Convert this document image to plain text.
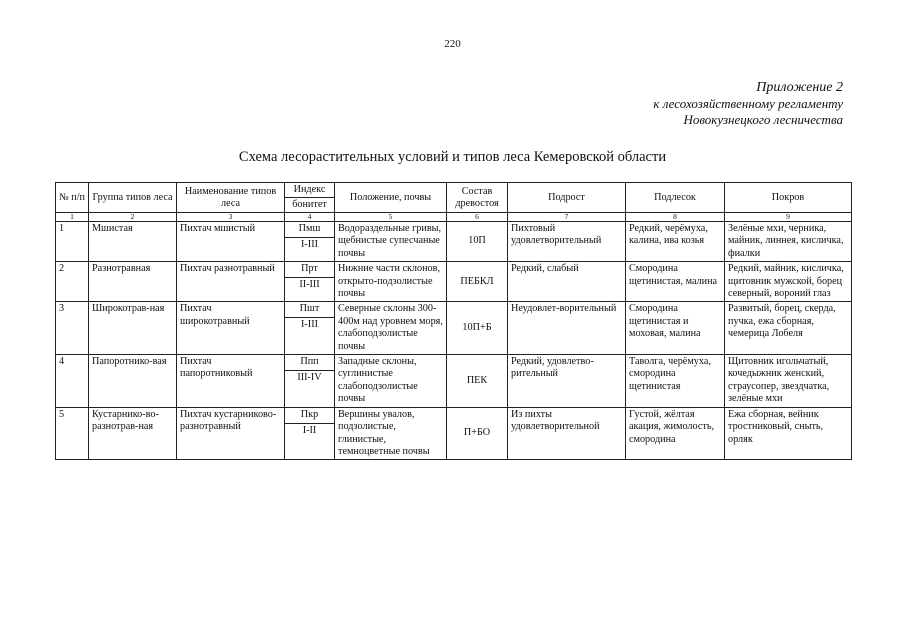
220
Приложение 2
к лесохозяйственному регламенту
Новокузнецкого лесничества
Схема лесорастительных условий и типов леса Кемеровской области
№ п/п	Группа типов леса	Наименование типов леса	Индекс	Положение, почвы	Состав древостоя	Подрост	Подлесок	Покров
			бонитет					
1	2	3	4	5	6	7	8	9
1	Мшистая	Пихтач мшистый	Пмш	Водораздельные гривы, щебнистые супесчаные почвы	10П	Пихтовый удовлетворительный	Редкий, черёмуха, калина, ива козья	Зелёные мхи, черника, майник, линнея, кисличка, фиалки
			I-III					
2	Разнотравная	Пихтач разнотравный	Прт	Нижние части склонов, открыто-подзолистые почвы	ПЕБКЛ	Редкий, слабый	Смородина щетинистая, малина	Редкий, майник, кисличка, щитовник мужской, борец северный, вороний глаз
			II-III					
3	Широкотрав-ная	Пихтач широкотравный	Пшт	Северные склоны 300-400м над уровнем моря, слабоподзолистые почвы	10П+Б	Неудовлет-ворительный	Смородина щетинистая и моховая, малина	Развитый, борец, скерда, пучка, ежа сборная, чемерица Лобеля
			I-III					
4	Папоротнико-вая	Пихтач папоротниковый	Ппп	Западные склоны, суглинистые слабоподзолистые почвы	ПЕК	Редкий, удовлетво-рительный	Таволга, черёмуха, смородина щетинистая	Щитовник игольчатый, кочедыжник женский, страусопер, звездчатка, зелёные мхи
			III-IV					
5	Кустарнико-во-разнотрав-ная	Пихтач кустарниково-разнотравный	Пкр	Вершины увалов, подзолистые, глинистые, темноцветные почвы	П+БО	Из пихты удовлетворительной	Густой, жёлтая акация, жимолость, смородина	Ежа сборная, вейник тростниковый, сныть, орляк
			I-II					
